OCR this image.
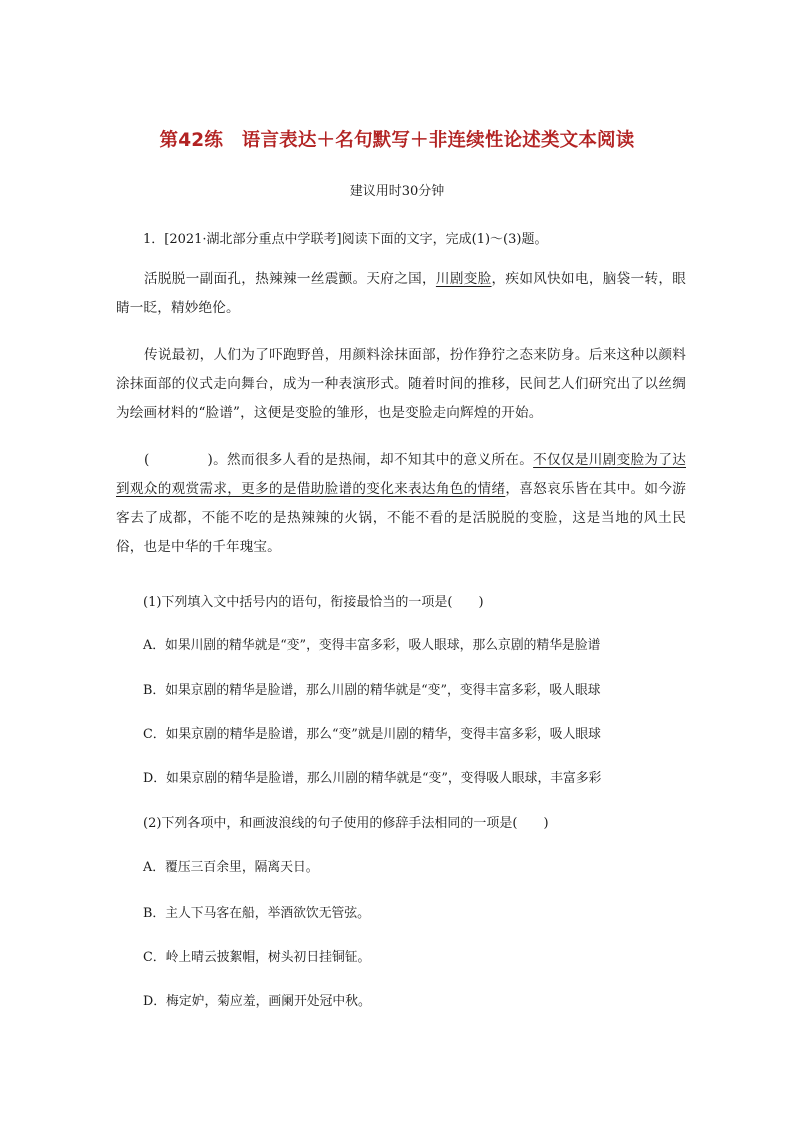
第42练　语言表达＋名句默写＋非连续性论述类文本阅读
建议用时30分钟
1．[2021·湖北部分重点中学联考]阅读下面的文字，完成(1)～(3)题。
活脱脱一副面孔，热辣辣一丝震颤。天府之国，川剧变脸，疾如风快如电，脑袋一转，眼睛一眨，精妙绝伦。
传说最初，人们为了吓跑野兽，用颜料涂抹面部，扮作狰狞之态来防身。后来这种以颜料涂抹面部的仪式走向舞台，成为一种表演形式。随着时间的推移，民间艺人们研究出了以丝绸为绘画材料的“脸谱”，这便是变脸的雏形，也是变脸走向辉煌的开始。
(	)。然而很多人看的是热闹，却不知其中的意义所在。不仅仅是川剧变脸为了达到观众的观赏需求，更多的是借助脸谱的变化来表达角色的情绪，喜怒哀乐皆在其中。如今游客去了成都，不能不吃的是热辣辣的火锅，不能不看的是活脱脱的变脸，这是当地的风土民俗，也是中华的千年瑰宝。
(1)下列填入文中括号内的语句，衔接最恰当的一项是(　　)
A．如果川剧的精华就是“变”，变得丰富多彩，吸人眼球，那么京剧的精华是脸谱
B．如果京剧的精华是脸谱，那么川剧的精华就是“变”，变得丰富多彩，吸人眼球
C．如果京剧的精华是脸谱，那么“变”就是川剧的精华，变得丰富多彩，吸人眼球
D．如果京剧的精华是脸谱，那么川剧的精华就是“变”，变得吸人眼球，丰富多彩
(2)下列各项中，和画波浪线的句子使用的修辞手法相同的一项是(　　)
A．覆压三百余里，隔离天日。
B．主人下马客在船，举酒欲饮无管弦。
C．岭上晴云披絮帽，树头初日挂铜钲。
D．梅定妒，菊应羞，画阑开处冠中秋。
